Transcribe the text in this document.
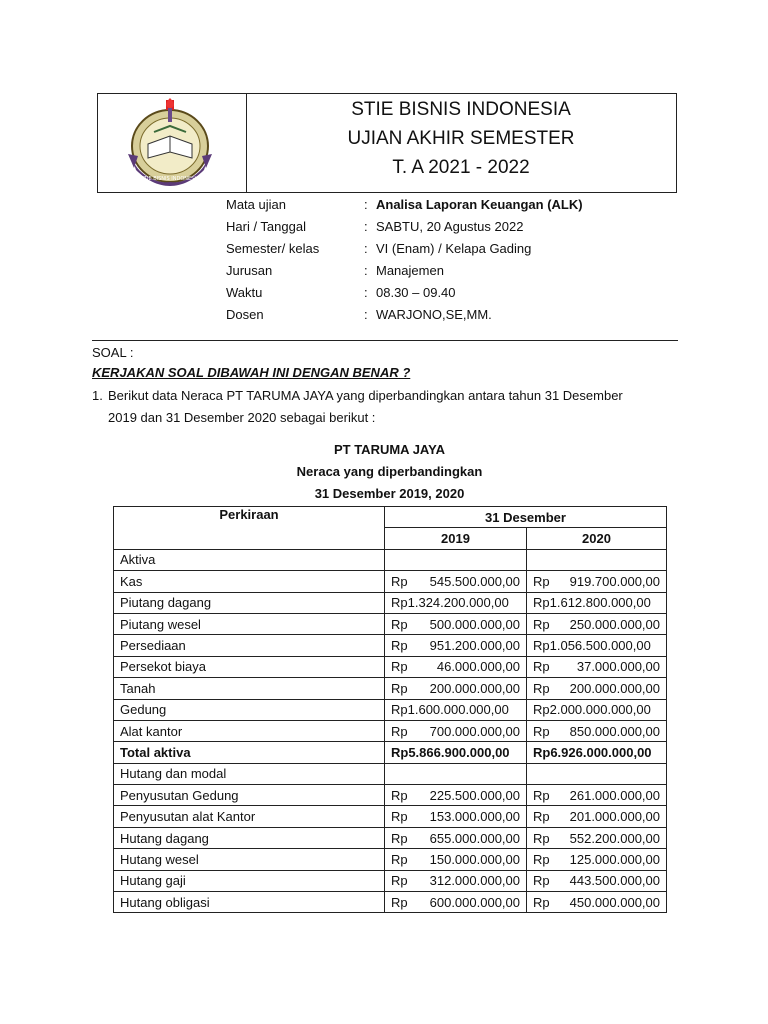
STIE BISNIS INDONESIA
STIE BISNIS INDONESIA
UJIAN AKHIR SEMESTER
T. A 2021 - 2022
Mata ujian	: Analisa Laporan Keuangan (ALK)
Hari / Tanggal	: SABTU, 20 Agustus 2022
Semester/ kelas	: VI (Enam) / Kelapa Gading
Jurusan	: Manajemen
Waktu	: 08.30 – 09.40
Dosen	: WARJONO,SE,MM.
SOAL :
KERJAKAN SOAL DIBAWAH INI DENGAN BENAR ?
1. Berikut data Neraca PT TARUMA JAYA yang diperbandingkan antara tahun 31 Desember
2019 dan 31 Desember 2020 sebagai berikut :
PT TARUMA JAYA
Neraca yang diperbandingkan
31 Desember 2019, 2020
Perkiraan	31 Desember	
	2019	2020
Aktiva	

Kas	Rp 545.500.000,00	Rp 919.700.000,00

Piutang dagang	Rp1.324.200.000,00	Rp1.612.800.000,00

Piutang wesel	Rp 500.000.000,00	Rp 250.000.000,00

Persediaan	Rp 951.200.000,00	Rp1.056.500.000,00

Persekot biaya	Rp 46.000.000,00	Rp 37.000.000,00

Tanah	Rp 200.000.000,00	Rp 200.000.000,00

Gedung	Rp1.600.000.000,00	Rp2.000.000.000,00

Alat kantor	Rp 700.000.000,00	Rp 850.000.000,00

Total aktiva	Rp5.866.900.000,00	Rp6.926.000.000,00

Hutang dan modal	

Penyusutan Gedung	Rp 225.500.000,00	Rp 261.000.000,00

Penyusutan alat Kantor	Rp 153.000.000,00	Rp 201.000.000,00

Hutang dagang	Rp 655.000.000,00	Rp 552.200.000,00

Hutang wesel	Rp 150.000.000,00	Rp 125.000.000,00

Hutang gaji	Rp 312.000.000,00	Rp 443.500.000,00

Hutang obligasi	Rp 600.000.000,00	Rp 450.000.000,00
